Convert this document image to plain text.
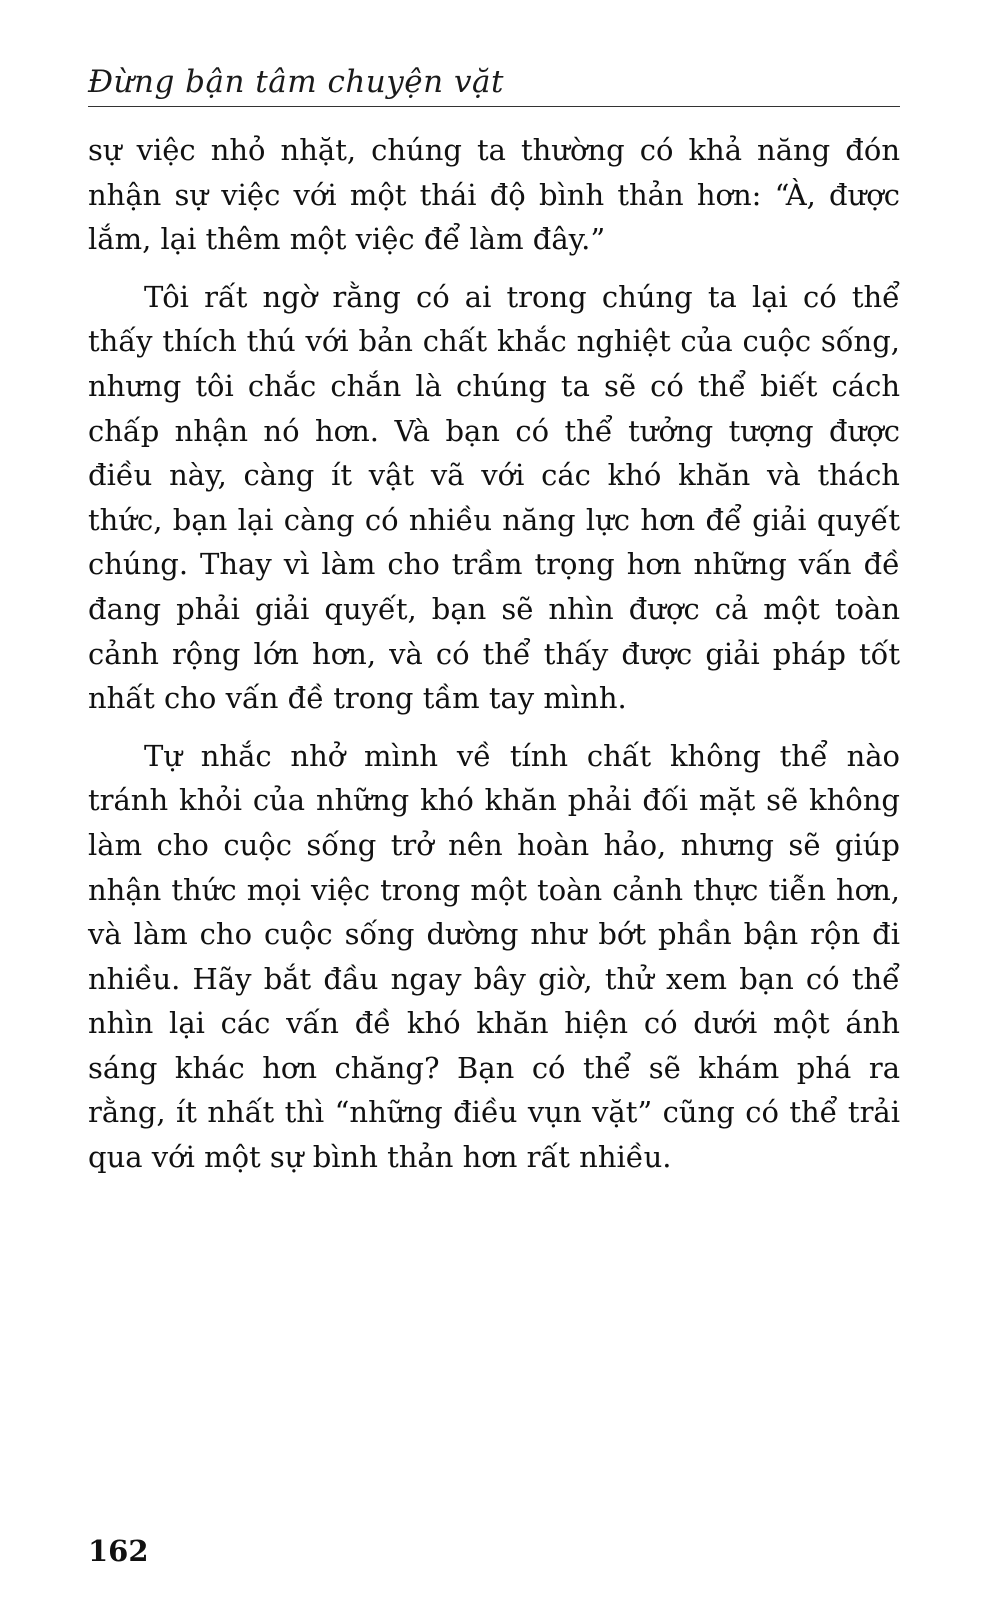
Đừng bận tâm chuyện vặt

sự việc nhỏ nhặt, chúng ta thường có khả năng đón nhận sự việc với một thái độ bình thản hơn: “À, được lắm, lại thêm một việc để làm đây.”

Tôi rất ngờ rằng có ai trong chúng ta lại có thể thấy thích thú với bản chất khắc nghiệt của cuộc sống, nhưng tôi chắc chắn là chúng ta sẽ có thể biết cách chấp nhận nó hơn. Và bạn có thể tưởng tượng được điều này, càng ít vật vã với các khó khăn và thách thức, bạn lại càng có nhiều năng lực hơn để giải quyết chúng. Thay vì làm cho trầm trọng hơn những vấn đề đang phải giải quyết, bạn sẽ nhìn được cả một toàn cảnh rộng lớn hơn, và có thể thấy được giải pháp tốt nhất cho vấn đề trong tầm tay mình.

Tự nhắc nhở mình về tính chất không thể nào tránh khỏi của những khó khăn phải đối mặt sẽ không làm cho cuộc sống trở nên hoàn hảo, nhưng sẽ giúp nhận thức mọi việc trong một toàn cảnh thực tiễn hơn, và làm cho cuộc sống dường như bớt phần bận rộn đi nhiều. Hãy bắt đầu ngay bây giờ, thử xem bạn có thể nhìn lại các vấn đề khó khăn hiện có dưới một ánh sáng khác hơn chăng? Bạn có thể sẽ khám phá ra rằng, ít nhất thì “những điều vụn vặt” cũng có thể trải qua với một sự bình thản hơn rất nhiều.

162
